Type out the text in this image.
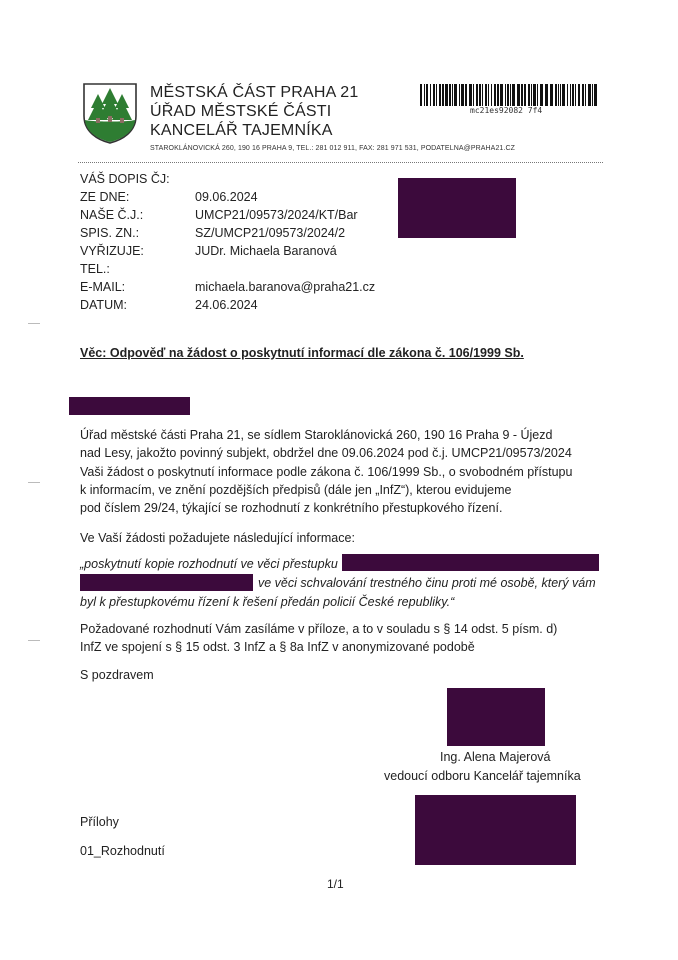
MĚSTSKÁ ČÁST PRAHA 21
ÚŘAD MĚSTSKÉ ČÁSTI
KANCELÁŘ TAJEMNÍKA
STAROKLÁNOVICKÁ 260, 190 16 PRAHA 9, TEL.: 281 012 911, FAX: 281 971 531, PODATELNA@PRAHA21.CZ
mc21es92082 7f4
VÁŠ DOPIS ČJ:
ZE DNE:	09.06.2024
NAŠE Č.J.:	UMCP21/09573/2024/KT/Bar
SPIS. ZN.:	SZ/UMCP21/09573/2024/2
VYŘIZUJE:	JUDr. Michaela Baranová
TEL.:
E-MAIL:	michaela.baranova@praha21.cz
DATUM:	24.06.2024
Věc: Odpověď na žádost o poskytnutí informací dle zákona č. 106/1999 Sb.
Úřad městské části Praha 21, se sídlem Staroklánovická 260, 190 16 Praha 9 - Újezd
nad Lesy, jakožto povinný subjekt, obdržel dne 09.06.2024 pod č.j. UMCP21/09573/2024
Vaši žádost o poskytnutí informace podle zákona č. 106/1999 Sb., o svobodném přístupu
k informacím, ve znění pozdějších předpisů (dále jen „InfZ“), kterou evidujeme
pod číslem 29/24, týkající se rozhodnutí z konkrétního přestupkového řízení.
Ve Vaší žádosti požadujete následující informace:
„poskytnutí kopie rozhodnutí ve věci přestupku
ve věci schvalování trestného činu proti mé osobě, který vám
byl k přestupkovému řízení k řešení předán policií České republiky.“
Požadované rozhodnutí Vám zasíláme v příloze, a to v souladu s § 14 odst. 5 písm. d)
InfZ ve spojení s § 15 odst. 3 InfZ a § 8a InfZ v anonymizované podobě
S pozdravem
Ing. Alena Majerová
vedoucí odboru Kancelář tajemníka
Přílohy
01_Rozhodnutí
1/1
